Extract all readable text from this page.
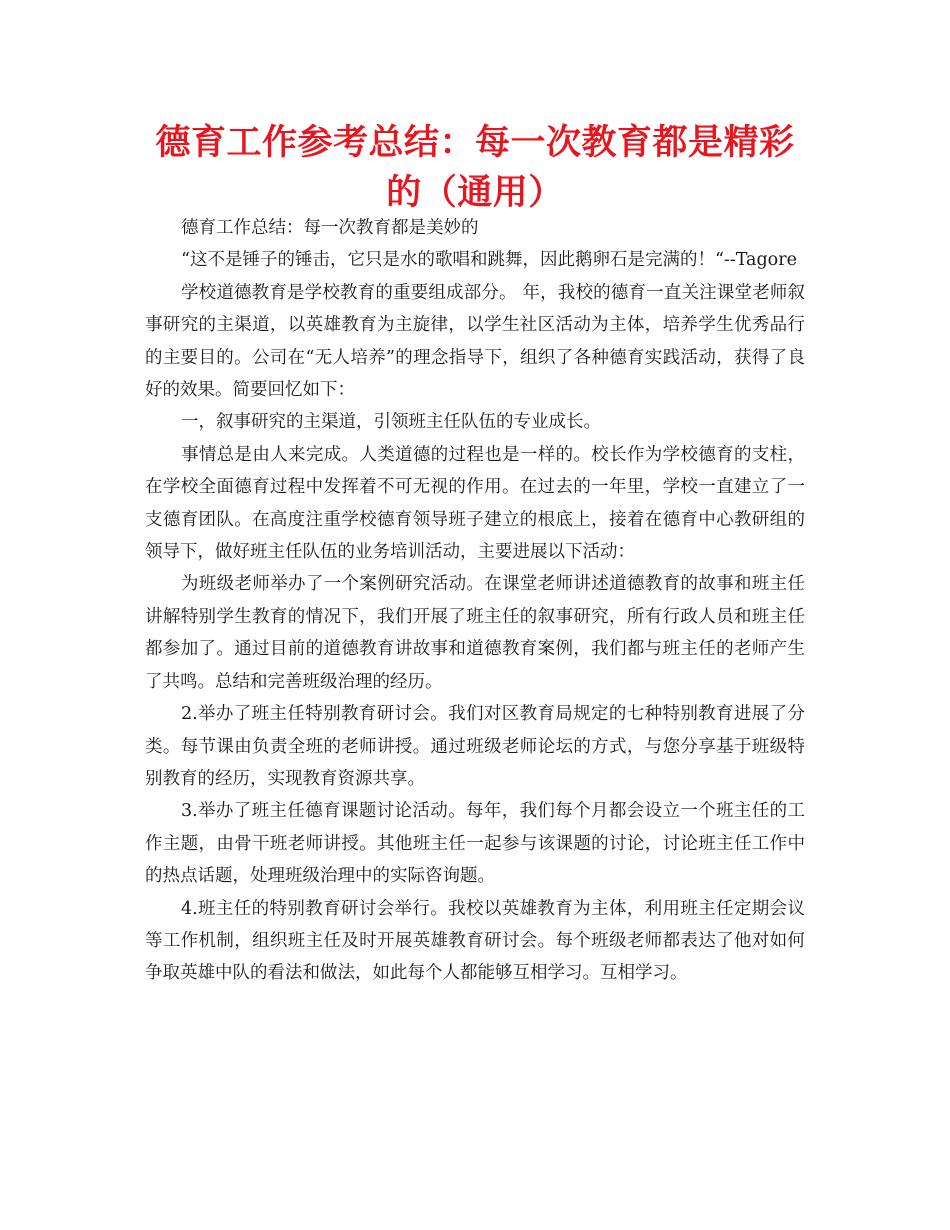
德育工作参考总结：每一次教育都是精彩的（通用）

德育工作总结：每一次教育都是美妙的

“这不是锤子的锤击，它只是水的歌唱和跳舞，因此鹅卵石是完满的！“--Tagore

学校道德教育是学校教育的重要组成部分。 年，我校的德育一直关注课堂老师叙事研究的主渠道，以英雄教育为主旋律，以学生社区活动为主体，培养学生优秀品行的主要目的。公司在“无人培养”的理念指导下，组织了各种德育实践活动，获得了良好的效果。简要回忆如下：

一，叙事研究的主渠道，引领班主任队伍的专业成长。

事情总是由人来完成。人类道德的过程也是一样的。校长作为学校德育的支柱，在学校全面德育过程中发挥着不可无视的作用。在过去的一年里，学校一直建立了一支德育团队。在高度注重学校德育领导班子建立的根底上，接着在德育中心教研组的领导下，做好班主任队伍的业务培训活动，主要进展以下活动：

为班级老师举办了一个案例研究活动。在课堂老师讲述道德教育的故事和班主任讲解特别学生教育的情况下，我们开展了班主任的叙事研究，所有行政人员和班主任都参加了。通过目前的道德教育讲故事和道德教育案例，我们都与班主任的老师产生了共鸣。总结和完善班级治理的经历。

2.举办了班主任特别教育研讨会。我们对区教育局规定的七种特别教育进展了分类。每节课由负责全班的老师讲授。通过班级老师论坛的方式，与您分享基于班级特别教育的经历，实现教育资源共享。

3.举办了班主任德育课题讨论活动。每年，我们每个月都会设立一个班主任的工作主题，由骨干班老师讲授。其他班主任一起参与该课题的讨论，讨论班主任工作中的热点话题，处理班级治理中的实际咨询题。

4.班主任的特别教育研讨会举行。我校以英雄教育为主体，利用班主任定期会议等工作机制，组织班主任及时开展英雄教育研讨会。每个班级老师都表达了他对如何争取英雄中队的看法和做法，如此每个人都能够互相学习。互相学习。
